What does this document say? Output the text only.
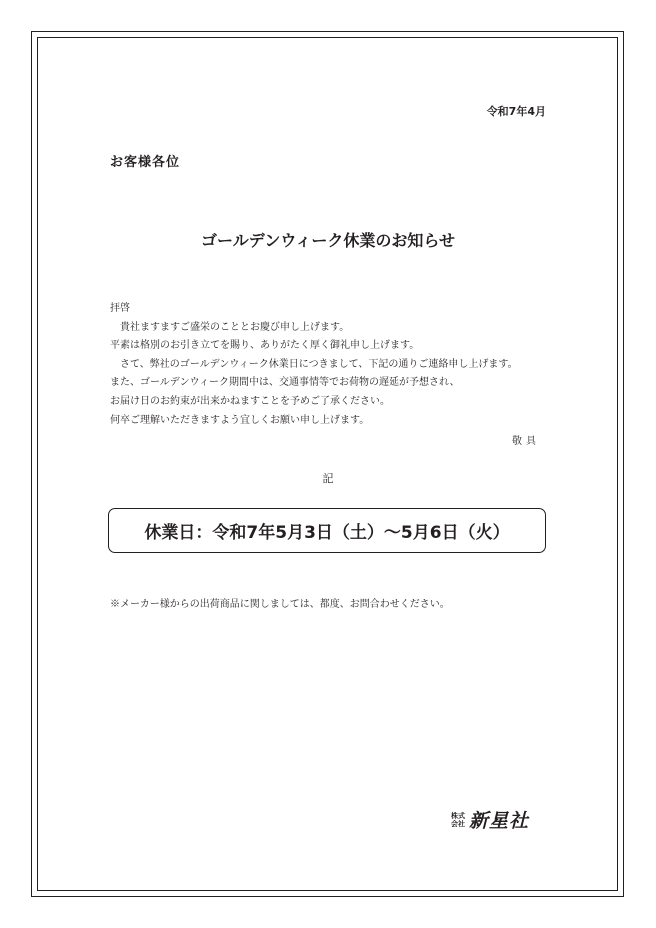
令和7年4月
お客様各位
ゴールデンウィーク休業のお知らせ
拝啓
貴社ますますご盛栄のこととお慶び申し上げます。
平素は格別のお引き立てを賜り、ありがたく厚く御礼申し上げます。
さて、弊社のゴールデンウィーク休業日につきまして、下記の通りご連絡申し上げます。
また、ゴールデンウィーク期間中は、交通事情等でお荷物の遅延が予想され、
お届け日のお約束が出来かねますことを予めご了承ください。
何卒ご理解いただきますよう宜しくお願い申し上げます。
敬具
記
休業日：令和7年5月3日（土）～5月6日（火）
※メーカー様からの出荷商品に関しましては、都度、お問合わせください。
株式
会社 新星社
